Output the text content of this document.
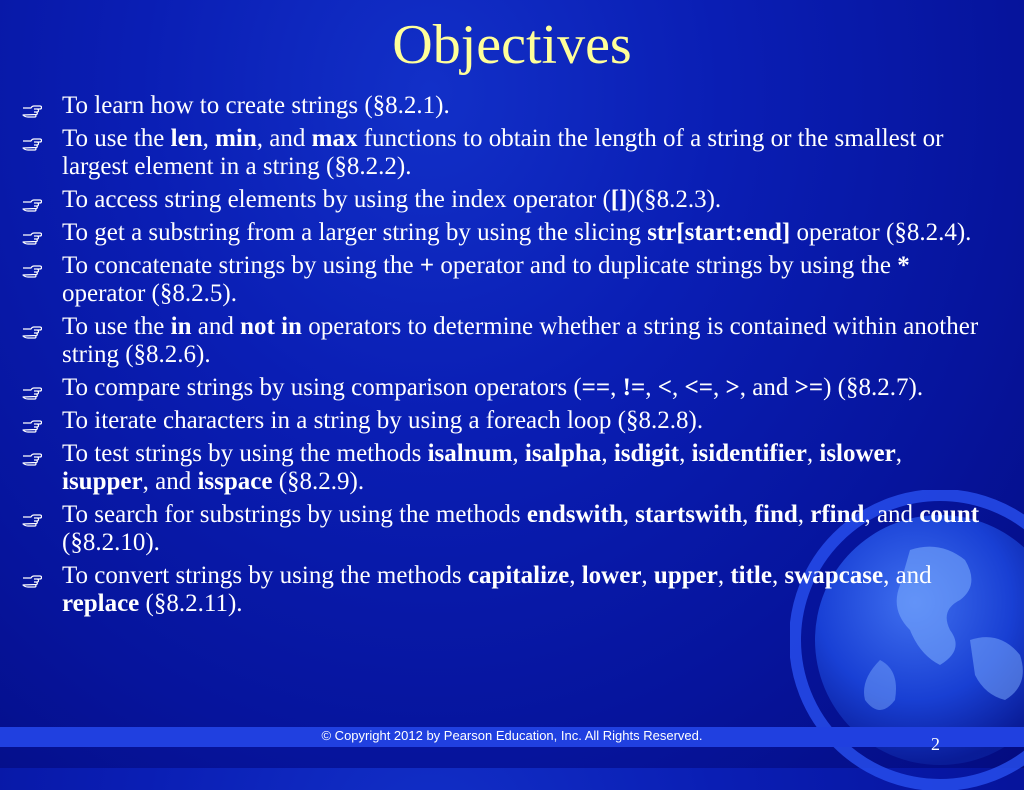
Objectives
To learn how to create strings (§8.2.1).
To use the len, min, and max functions to obtain the length of a string or the smallest or largest element in a string (§8.2.2).
To access string elements by using the index operator ([])(§8.2.3).
To get a substring from a larger string by using the slicing str[start:end] operator (§8.2.4).
To concatenate strings by using the + operator and to duplicate strings by using the * operator (§8.2.5).
To use the in and not in operators to determine whether a string is contained within another string (§8.2.6).
To compare strings by using comparison operators (==, !=, <, <=, >, and >=) (§8.2.7).
To iterate characters in a string by using a foreach loop (§8.2.8).
To test strings by using the methods isalnum, isalpha, isdigit, isidentifier, islower, isupper, and isspace (§8.2.9).
To search for substrings by using the methods endswith, startswith, find, rfind, and count (§8.2.10).
To convert strings by using the methods capitalize, lower, upper, title, swapcase, and replace (§8.2.11).
© Copyright 2012 by Pearson Education, Inc. All Rights Reserved.	2
